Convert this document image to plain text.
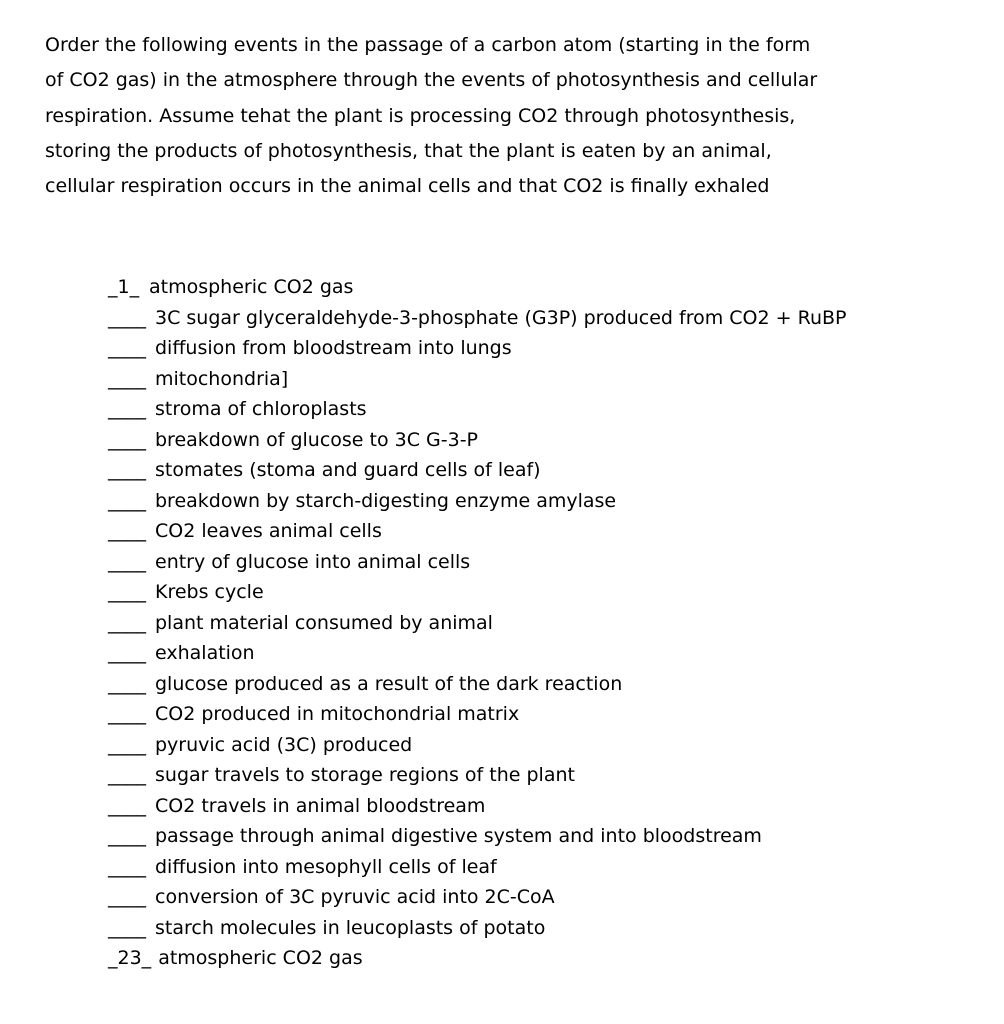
Order the following events in the passage of a carbon atom (starting in the form
of CO2 gas) in the atmosphere through the events of photosynthesis and cellular
respiration. Assume tehat the plant is processing CO2 through photosynthesis,
storing the products of photosynthesis, that the plant is eaten by an animal,
cellular respiration occurs in the animal cells and that CO2 is finally exhaled

_1_ atmospheric CO2 gas
____ 3C sugar glyceraldehyde-3-phosphate (G3P) produced from CO2 + RuBP
____ diffusion from bloodstream into lungs
____ mitochondria]
____ stroma of chloroplasts
____ breakdown of glucose to 3C G-3-P
____ stomates (stoma and guard cells of leaf)
____ breakdown by starch-digesting enzyme amylase
____ CO2 leaves animal cells
____ entry of glucose into animal cells
____ Krebs cycle
____ plant material consumed by animal
____ exhalation
____ glucose produced as a result of the dark reaction
____ CO2 produced in mitochondrial matrix
____ pyruvic acid (3C) produced
____ sugar travels to storage regions of the plant
____ CO2 travels in animal bloodstream
____ passage through animal digestive system and into bloodstream
____ diffusion into mesophyll cells of leaf
____ conversion of 3C pyruvic acid into 2C-CoA
____ starch molecules in leucoplasts of potato
_23_ atmospheric CO2 gas
